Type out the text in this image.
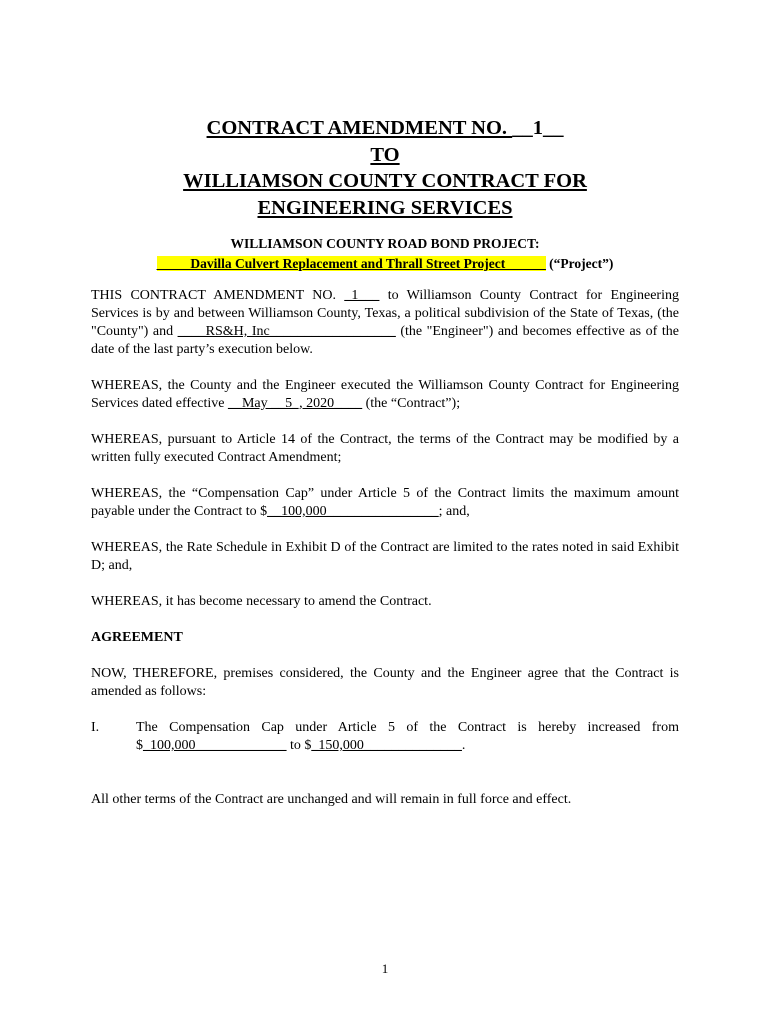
CONTRACT AMENDMENT NO. __1__
TO
WILLIAMSON COUNTY CONTRACT FOR
ENGINEERING SERVICES
WILLIAMSON COUNTY ROAD BOND PROJECT:
_____Davilla Culvert Replacement and Thrall Street Project______ (“Project”)

THIS CONTRACT AMENDMENT NO. _1___ to Williamson County Contract for Engineering Services is by and between Williamson County, Texas, a political subdivision of the State of Texas, (the "County") and ____RS&H, Inc__________________ (the "Engineer") and becomes effective as of the date of the last party’s execution below.

WHEREAS, the County and the Engineer executed the Williamson County Contract for Engineering Services dated effective __May __5_, 2020____ (the “Contract”);

WHEREAS, pursuant to Article 14 of the Contract, the terms of the Contract may be modified by a written fully executed Contract Amendment;

WHEREAS, the “Compensation Cap” under Article 5 of the Contract limits the maximum amount payable under the Contract to $__100,000________________; and,

WHEREAS, the Rate Schedule in Exhibit D of the Contract are limited to the rates noted in said Exhibit D; and,

WHEREAS, it has become necessary to amend the Contract.

AGREEMENT

NOW, THEREFORE, premises considered, the County and the Engineer agree that the Contract is amended as follows:

I.	The Compensation Cap under Article 5 of the Contract is hereby increased from $_100,000_____________ to $_150,000______________.

All other terms of the Contract are unchanged and will remain in full force and effect.

1
